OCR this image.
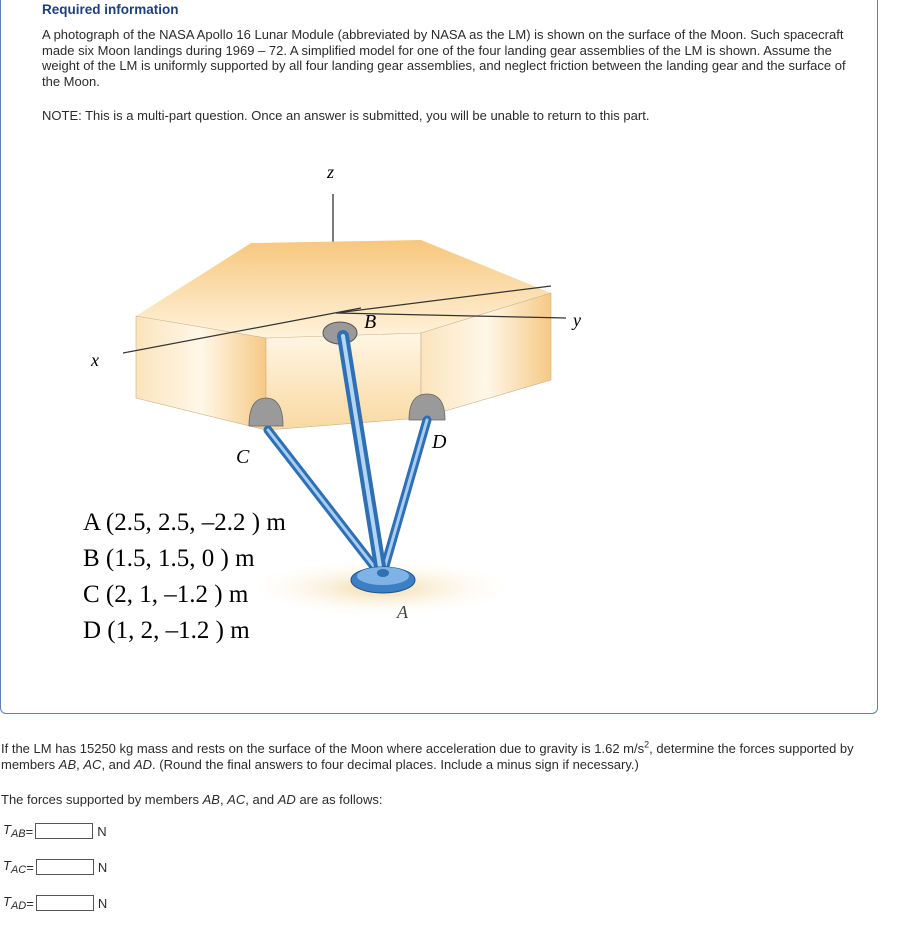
Required information

A photograph of the NASA Apollo 16 Lunar Module (abbreviated by NASA as the LM) is shown on the surface of the Moon. Such spacecraft made six Moon landings during 1969 – 72. A simplified model for one of the four landing gear assemblies of the LM is shown. Assume the weight of the LM is uniformly supported by all four landing gear assemblies, and neglect friction between the landing gear and the surface of the Moon.

NOTE: This is a multi-part question. Once an answer is submitted, you will be unable to return to this part.

z
x
y
B
C
D
A
A (2.5, 2.5, –2.2 ) m
B (1.5, 1.5, 0 ) m
C (2, 1, –1.2 ) m
D (1, 2, –1.2 ) m

If the LM has 15250 kg mass and rests on the surface of the Moon where acceleration due to gravity is 1.62 $m/s^2$, determine the forces supported by members AB, AC, and AD. (Round the final answers to four decimal places. Include a minus sign if necessary.)

The forces supported by members AB, AC, and AD are as follows:

$T_{AB}$ =	N
$T_{AC}$ =	N
$T_{AD}$ =	N
